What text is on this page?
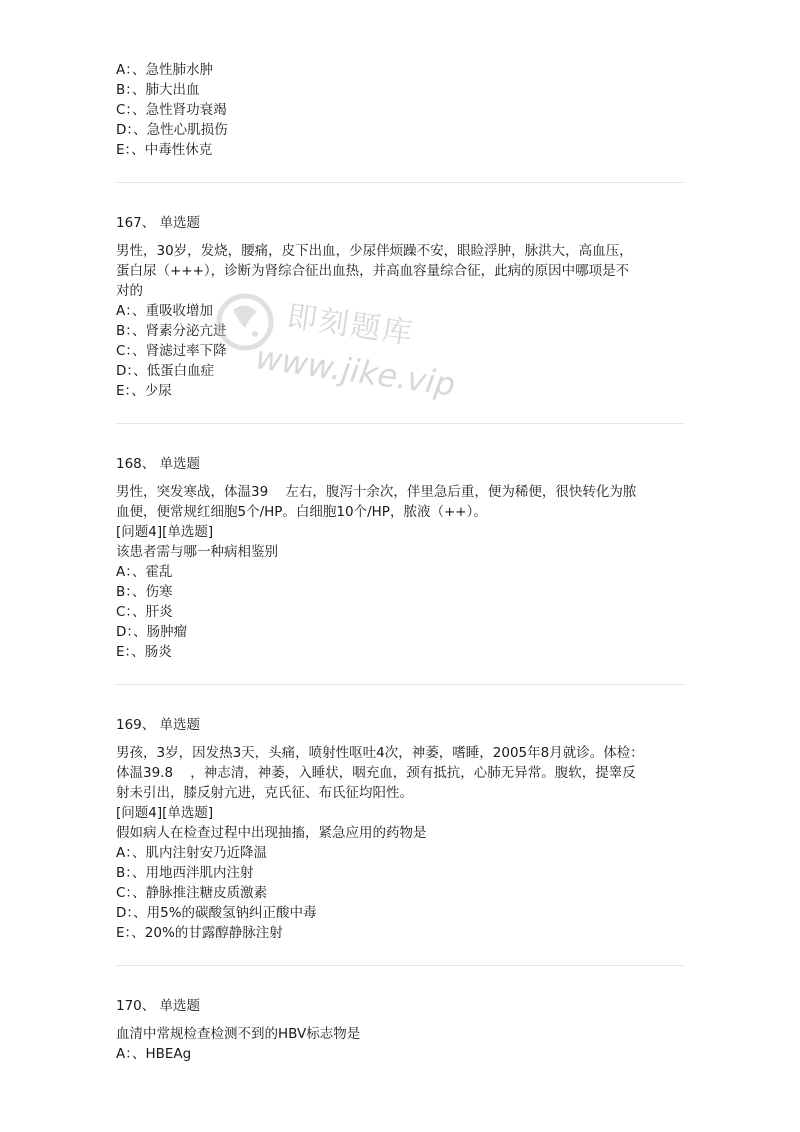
A：、急性肺水肿
B：、肺大出血
C：、急性肾功衰竭
D：、急性心肌损伤
E：、中毒性休克
167、 单选题
男性，30岁，发烧，腰痛，皮下出血，少尿伴烦躁不安，眼睑浮肿，脉洪大，高血压，
蛋白尿（+++），诊断为肾综合征出血热，并高血容量综合征，此病的原因中哪项是不
对的
A：、重吸收增加
B：、肾素分泌亢进
C：、肾滤过率下降
D：、低蛋白血症
E：、少尿
168、 单选题
男性，突发寒战，体温39    左右，腹泻十余次，伴里急后重，便为稀便，很快转化为脓
血便，便常规红细胞5个/HP。白细胞10个/HP，脓液（++）。
[问题4][单选题]
该患者需与哪一种病相鉴别
A：、霍乱
B：、伤寒
C：、肝炎
D：、肠肿瘤
E：、肠炎
169、 单选题
男孩，3岁，因发热3天，头痛，喷射性呕吐4次，神萎，嗜睡，2005年8月就诊。体检：
体温39.8    ，神志清，神萎，入睡状，咽充血，颈有抵抗，心肺无异常。腹软，提睾反
射未引出，膝反射亢进，克氏征、布氏征均阳性。
[问题4][单选题]
假如病人在检查过程中出现抽搐，紧急应用的药物是
A：、肌内注射安乃近降温
B：、用地西泮肌内注射
C：、静脉推注糖皮质激素
D：、用5%的碳酸氢钠纠正酸中毒
E：、20%的甘露醇静脉注射
170、 单选题
血清中常规检查检测不到的HBV标志物是
A：、HBEAg
即刻题库
www.jike.vip
